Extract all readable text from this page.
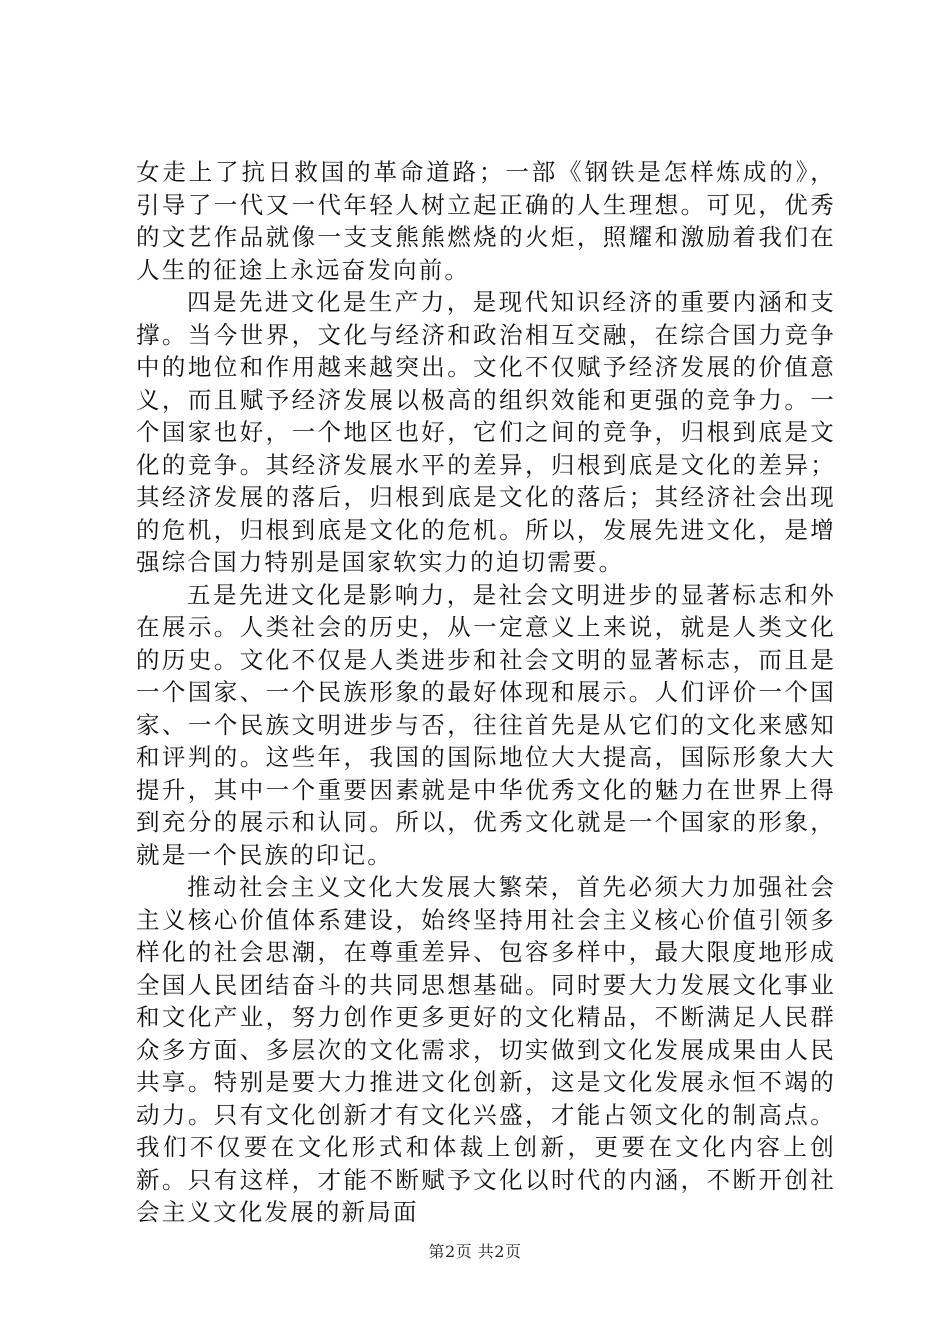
女走上了抗日救国的革命道路；一部《钢铁是怎样炼成的》，引导了一代又一代年轻人树立起正确的人生理想。可见，优秀的文艺作品就像一支支熊熊燃烧的火炬，照耀和激励着我们在人生的征途上永远奋发向前。

四是先进文化是生产力，是现代知识经济的重要内涵和支撑。当今世界，文化与经济和政治相互交融，在综合国力竞争中的地位和作用越来越突出。文化不仅赋予经济发展的价值意义，而且赋予经济发展以极高的组织效能和更强的竞争力。一个国家也好，一个地区也好，它们之间的竞争，归根到底是文化的竞争。其经济发展水平的差异，归根到底是文化的差异；其经济发展的落后，归根到底是文化的落后；其经济社会出现的危机，归根到底是文化的危机。所以，发展先进文化，是增强综合国力特别是国家软实力的迫切需要。

五是先进文化是影响力，是社会文明进步的显著标志和外在展示。人类社会的历史，从一定意义上来说，就是人类文化的历史。文化不仅是人类进步和社会文明的显著标志，而且是一个国家、一个民族形象的最好体现和展示。人们评价一个国家、一个民族文明进步与否，往往首先是从它们的文化来感知和评判的。这些年，我国的国际地位大大提高，国际形象大大提升，其中一个重要因素就是中华优秀文化的魅力在世界上得到充分的展示和认同。所以，优秀文化就是一个国家的形象，就是一个民族的印记。

推动社会主义文化大发展大繁荣，首先必须大力加强社会主义核心价值体系建设，始终坚持用社会主义核心价值引领多样化的社会思潮，在尊重差异、包容多样中，最大限度地形成全国人民团结奋斗的共同思想基础。同时要大力发展文化事业和文化产业，努力创作更多更好的文化精品，不断满足人民群众多方面、多层次的文化需求，切实做到文化发展成果由人民共享。特别是要大力推进文化创新，这是文化发展永恒不竭的动力。只有文化创新才有文化兴盛，才能占领文化的制高点。我们不仅要在文化形式和体裁上创新，更要在文化内容上创新。只有这样，才能不断赋予文化以时代的内涵，不断开创社会主义文化发展的新局面

第2页 共2页
